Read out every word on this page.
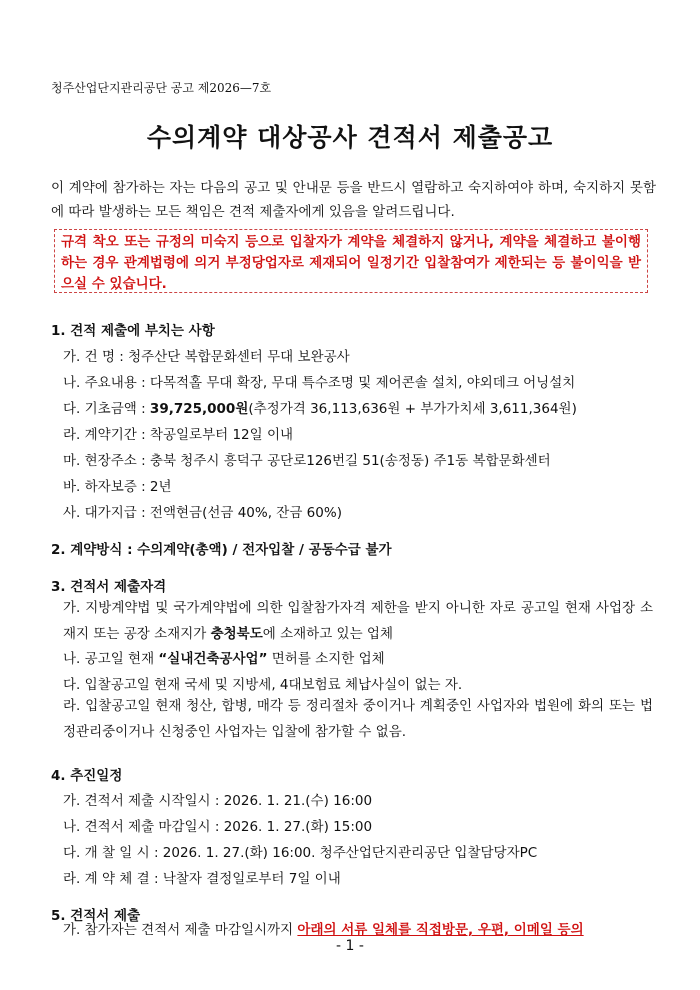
청주산업단지관리공단 공고 제2026—7호
수의계약 대상공사 견적서 제출공고
이 계약에 참가하는 자는 다음의 공고 및 안내문 등을 반드시 열람하고 숙지하여야 하며, 숙지하지 못함에 따라 발생하는 모든 책임은 견적 제출자에게 있음을 알려드립니다.
규격 착오 또는 규정의 미숙지 등으로 입찰자가 계약을 체결하지 않거나, 계약을 체결하고 불이행하는 경우 관계법령에 의거 부정당업자로 제재되어 일정기간 입찰참여가 제한되는 등 불이익을 받으실 수 있습니다.
1. 견적 제출에 부치는 사항
가. 건 명 : 청주산단 복합문화센터 무대 보완공사
나. 주요내용 : 다목적홀 무대 확장, 무대 특수조명 및 제어콘솔 설치, 야외데크 어닝설치
다. 기초금액 : 39,725,000원(추정가격 36,113,636원 + 부가가치세 3,611,364원)
라. 계약기간 : 착공일로부터 12일 이내
마. 현장주소 : 충북 청주시 흥덕구 공단로126번길 51(송정동) 주1동 복합문화센터
바. 하자보증 : 2년
사. 대가지급 : 전액현금(선금 40%, 잔금 60%)
2. 계약방식 : 수의계약(총액) / 전자입찰 / 공동수급 불가
3. 견적서 제출자격
가. 지방계약법 및 국가계약법에 의한 입찰참가자격 제한을 받지 아니한 자로 공고일 현재 사업장 소재지 또는 공장 소재지가 충청북도에 소재하고 있는 업체
나. 공고일 현재 “실내건축공사업” 면허를 소지한 업체
다. 입찰공고일 현재 국세 및 지방세, 4대보험료 체납사실이 없는 자.
라. 입찰공고일 현재 청산, 합병, 매각 등 정리절차 중이거나 계획중인 사업자와 법원에 화의 또는 법정관리중이거나 신청중인 사업자는 입찰에 참가할 수 없음.
4. 추진일정
가. 견적서 제출 시작일시 : 2026. 1. 21.(수) 16:00
나. 견적서 제출 마감일시 : 2026. 1. 27.(화) 15:00
다. 개 찰 일 시 : 2026. 1. 27.(화) 16:00. 청주산업단지관리공단 입찰담당자PC
라. 계 약 체 결 : 낙찰자 결정일로부터 7일 이내
5. 견적서 제출
가. 참가자는 견적서 제출 마감일시까지 아래의 서류 일체를 직접방문, 우편, 이메일 등의
- 1 -
